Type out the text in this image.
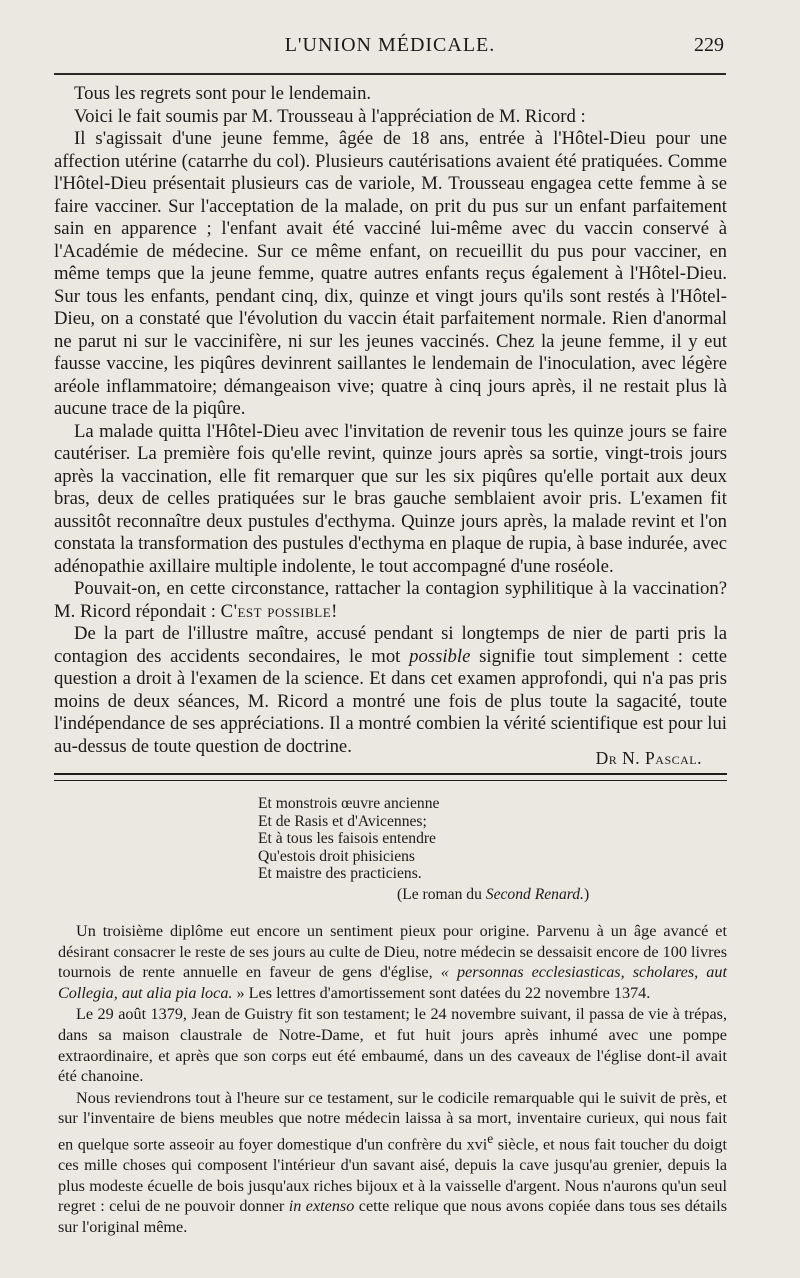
L'UNION MÉDICALE.	229

Tous les regrets sont pour le lendemain.

Voici le fait soumis par M. Trousseau à l'appréciation de M. Ricord :

Il s'agissait d'une jeune femme, âgée de 18 ans, entrée à l'Hôtel-Dieu pour une affection utérine (catarrhe du col). Plusieurs cautérisations avaient été pratiquées. Comme l'Hôtel-Dieu présentait plusieurs cas de variole, M. Trousseau engagea cette femme à se faire vacciner. Sur l'acceptation de la malade, on prit du pus sur un enfant parfaitement sain en apparence ; l'enfant avait été vacciné lui-même avec du vaccin conservé à l'Académie de médecine. Sur ce même enfant, on recueillit du pus pour vacciner, en même temps que la jeune femme, quatre autres enfants reçus également à l'Hôtel-Dieu. Sur tous les enfants, pendant cinq, dix, quinze et vingt jours qu'ils sont restés à l'Hôtel-Dieu, on a constaté que l'évolution du vaccin était parfaitement normale. Rien d'anormal ne parut ni sur le vaccinifère, ni sur les jeunes vaccinés. Chez la jeune femme, il y eut fausse vaccine, les piqûres devinrent saillantes le lendemain de l'inoculation, avec légère aréole inflammatoire; démangeaison vive; quatre à cinq jours après, il ne restait plus là aucune trace de la piqûre.

La malade quitta l'Hôtel-Dieu avec l'invitation de revenir tous les quinze jours se faire cautériser. La première fois qu'elle revint, quinze jours après sa sortie, vingt-trois jours après la vaccination, elle fit remarquer que sur les six piqûres qu'elle portait aux deux bras, deux de celles pratiquées sur le bras gauche semblaient avoir pris. L'examen fit aussitôt reconnaître deux pustules d'ecthyma. Quinze jours après, la malade revint et l'on constata la transformation des pustules d'ecthyma en plaque de rupia, à base indurée, avec adénopathie axillaire multiple indolente, le tout accompagné d'une roséole.

Pouvait-on, en cette circonstance, rattacher la contagion syphilitique à la vaccination? M. Ricord répondait : C'est possible!

De la part de l'illustre maître, accusé pendant si longtemps de nier de parti pris la contagion des accidents secondaires, le mot possible signifie tout simplement : cette question a droit à l'examen de la science. Et dans cet examen approfondi, qui n'a pas pris moins de deux séances, M. Ricord a montré une fois de plus toute la sagacité, toute l'indépendance de ses appréciations. Il a montré combien la vérité scientifique est pour lui au-dessus de toute question de doctrine.

Dr N. Pascal.
Et monstrois œuvre ancienne
Et de Rasis et d'Avicennes;
Et à tous les faisois entendre
Qu'estois droit phisiciens
Et maistre des practiciens.
(Le roman du Second Renard.)

Un troisième diplôme eut encore un sentiment pieux pour origine. Parvenu à un âge avancé et désirant consacrer le reste de ses jours au culte de Dieu, notre médecin se dessaisit encore de 100 livres tournois de rente annuelle en faveur de gens d'église, « personnas ecclesiasticas, scholares, aut Collegia, aut alia pia loca. » Les lettres d'amortissement sont datées du 22 novembre 1374.

Le 29 août 1379, Jean de Guistry fit son testament; le 24 novembre suivant, il passa de vie à trépas, dans sa maison claustrale de Notre-Dame, et fut huit jours après inhumé avec une pompe extraordinaire, et après que son corps eut été embaumé, dans un des caveaux de l'église dont-il avait été chanoine.

Nous reviendrons tout à l'heure sur ce testament, sur le codicile remarquable qui le suivit de près, et sur l'inventaire de biens meubles que notre médecin laissa à sa mort, inventaire curieux, qui nous fait en quelque sorte asseoir au foyer domestique d'un confrère du xvi$^e$ siècle, et nous fait toucher du doigt ces mille choses qui composent l'intérieur d'un savant aisé, depuis la cave jusqu'au grenier, depuis la plus modeste écuelle de bois jusqu'aux riches bijoux et à la vaisselle d'argent. Nous n'aurons qu'un seul regret : celui de ne pouvoir donner in extenso cette relique que nous avons copiée dans tous ses détails sur l'original même.
